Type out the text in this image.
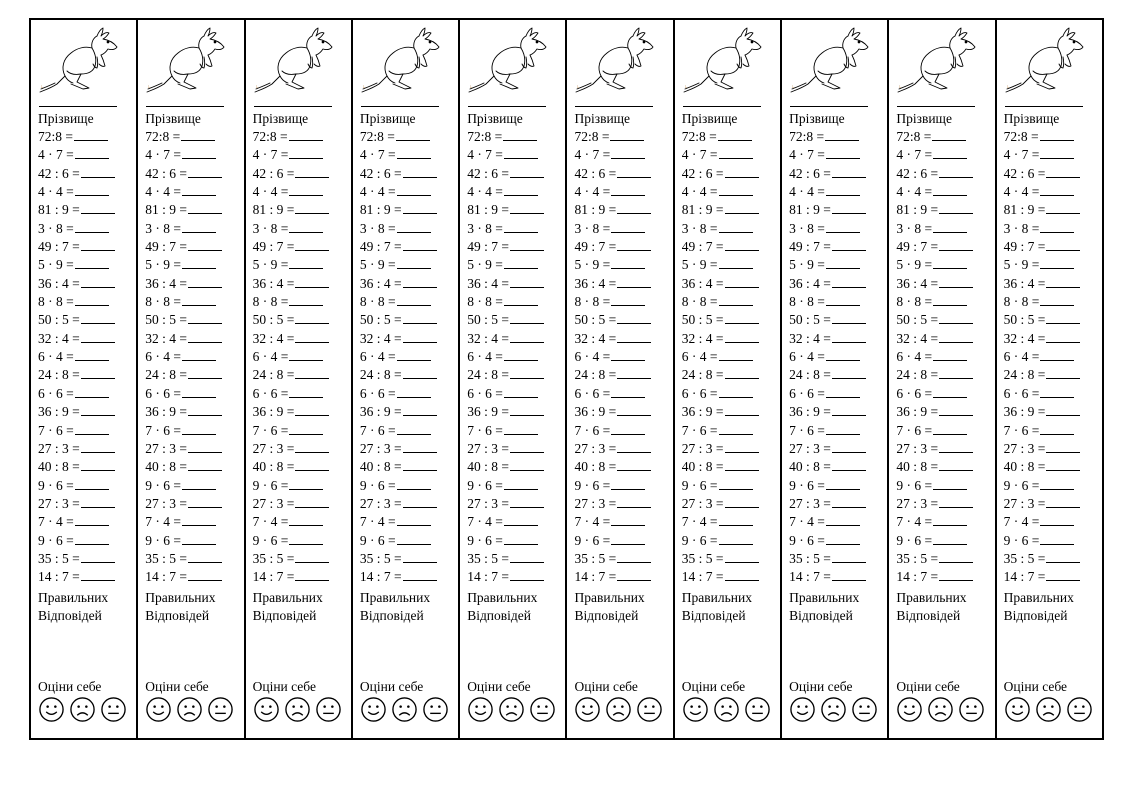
ᘂ
Прізвище
72:8 =
4 · 7 =
42 : 6 =
4 · 4 =
81 : 9 =
3 · 8 =
49 : 7 =
5 · 9 =
36 : 4 =
8 · 8 =
50 : 5 =
32 : 4 =
6 · 4 =
24 : 8 =
6 · 6 =
36 : 9 =
7 · 6 =
27 : 3 =
40 : 8 =
9 · 6 =
27 : 3 =
7 · 4 =
9 · 6 =
35 : 5 =
14 : 7 =
Правильних
Відповідей
Оціни себе
ᘂ
Прізвище
72:8 =
4 · 7 =
42 : 6 =
4 · 4 =
81 : 9 =
3 · 8 =
49 : 7 =
5 · 9 =
36 : 4 =
8 · 8 =
50 : 5 =
32 : 4 =
6 · 4 =
24 : 8 =
6 · 6 =
36 : 9 =
7 · 6 =
27 : 3 =
40 : 8 =
9 · 6 =
27 : 3 =
7 · 4 =
9 · 6 =
35 : 5 =
14 : 7 =
Правильних
Відповідей
Оціни себе
ᘂ
Прізвище
72:8 =
4 · 7 =
42 : 6 =
4 · 4 =
81 : 9 =
3 · 8 =
49 : 7 =
5 · 9 =
36 : 4 =
8 · 8 =
50 : 5 =
32 : 4 =
6 · 4 =
24 : 8 =
6 · 6 =
36 : 9 =
7 · 6 =
27 : 3 =
40 : 8 =
9 · 6 =
27 : 3 =
7 · 4 =
9 · 6 =
35 : 5 =
14 : 7 =
Правильних
Відповідей
Оціни себе
ᘂ
Прізвище
72:8 =
4 · 7 =
42 : 6 =
4 · 4 =
81 : 9 =
3 · 8 =
49 : 7 =
5 · 9 =
36 : 4 =
8 · 8 =
50 : 5 =
32 : 4 =
6 · 4 =
24 : 8 =
6 · 6 =
36 : 9 =
7 · 6 =
27 : 3 =
40 : 8 =
9 · 6 =
27 : 3 =
7 · 4 =
9 · 6 =
35 : 5 =
14 : 7 =
Правильних
Відповідей
Оціни себе
ᘂ
Прізвище
72:8 =
4 · 7 =
42 : 6 =
4 · 4 =
81 : 9 =
3 · 8 =
49 : 7 =
5 · 9 =
36 : 4 =
8 · 8 =
50 : 5 =
32 : 4 =
6 · 4 =
24 : 8 =
6 · 6 =
36 : 9 =
7 · 6 =
27 : 3 =
40 : 8 =
9 · 6 =
27 : 3 =
7 · 4 =
9 · 6 =
35 : 5 =
14 : 7 =
Правильних
Відповідей
Оціни себе
ᘂ
Прізвище
72:8 =
4 · 7 =
42 : 6 =
4 · 4 =
81 : 9 =
3 · 8 =
49 : 7 =
5 · 9 =
36 : 4 =
8 · 8 =
50 : 5 =
32 : 4 =
6 · 4 =
24 : 8 =
6 · 6 =
36 : 9 =
7 · 6 =
27 : 3 =
40 : 8 =
9 · 6 =
27 : 3 =
7 · 4 =
9 · 6 =
35 : 5 =
14 : 7 =
Правильних
Відповідей
Оціни себе
ᘂ
Прізвище
72:8 =
4 · 7 =
42 : 6 =
4 · 4 =
81 : 9 =
3 · 8 =
49 : 7 =
5 · 9 =
36 : 4 =
8 · 8 =
50 : 5 =
32 : 4 =
6 · 4 =
24 : 8 =
6 · 6 =
36 : 9 =
7 · 6 =
27 : 3 =
40 : 8 =
9 · 6 =
27 : 3 =
7 · 4 =
9 · 6 =
35 : 5 =
14 : 7 =
Правильних
Відповідей
Оціни себе
ᘂ
Прізвище
72:8 =
4 · 7 =
42 : 6 =
4 · 4 =
81 : 9 =
3 · 8 =
49 : 7 =
5 · 9 =
36 : 4 =
8 · 8 =
50 : 5 =
32 : 4 =
6 · 4 =
24 : 8 =
6 · 6 =
36 : 9 =
7 · 6 =
27 : 3 =
40 : 8 =
9 · 6 =
27 : 3 =
7 · 4 =
9 · 6 =
35 : 5 =
14 : 7 =
Правильних
Відповідей
Оціни себе
ᘂ
Прізвище
72:8 =
4 · 7 =
42 : 6 =
4 · 4 =
81 : 9 =
3 · 8 =
49 : 7 =
5 · 9 =
36 : 4 =
8 · 8 =
50 : 5 =
32 : 4 =
6 · 4 =
24 : 8 =
6 · 6 =
36 : 9 =
7 · 6 =
27 : 3 =
40 : 8 =
9 · 6 =
27 : 3 =
7 · 4 =
9 · 6 =
35 : 5 =
14 : 7 =
Правильних
Відповідей
Оціни себе
ᘂ
Прізвище
72:8 =
4 · 7 =
42 : 6 =
4 · 4 =
81 : 9 =
3 · 8 =
49 : 7 =
5 · 9 =
36 : 4 =
8 · 8 =
50 : 5 =
32 : 4 =
6 · 4 =
24 : 8 =
6 · 6 =
36 : 9 =
7 · 6 =
27 : 3 =
40 : 8 =
9 · 6 =
27 : 3 =
7 · 4 =
9 · 6 =
35 : 5 =
14 : 7 =
Правильних
Відповідей
Оціни себе
